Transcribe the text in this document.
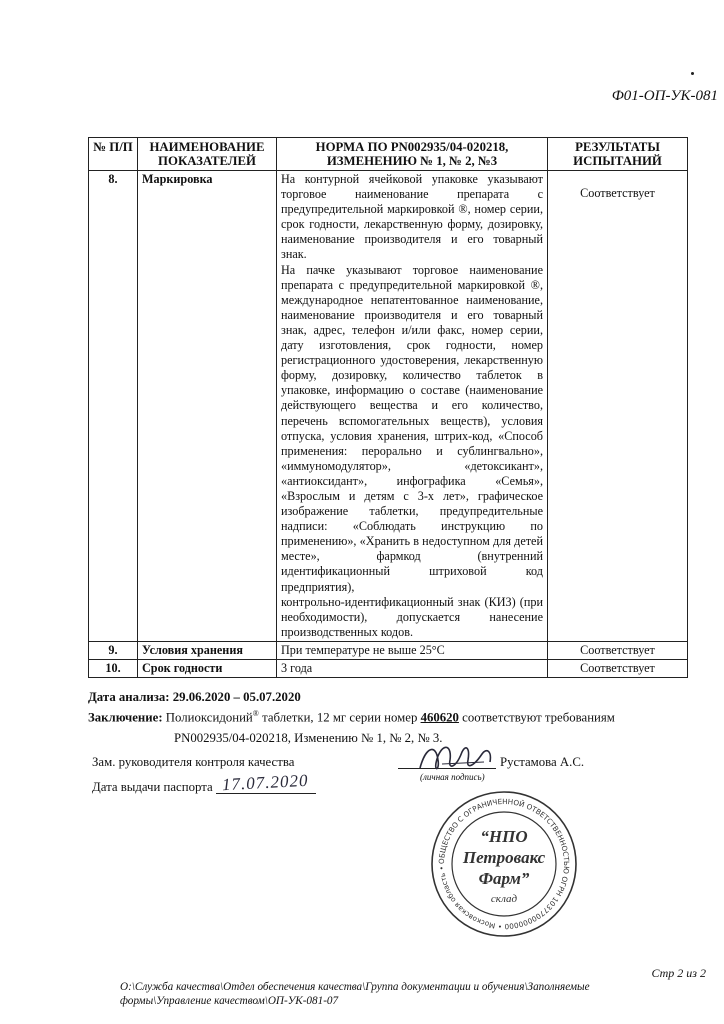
Ф01-ОП-УК-081
№ П/П	НАИМЕНОВАНИЕ ПОКАЗАТЕЛЕЙ	НОРМА ПО PN002935/04-020218, ИЗМЕНЕНИЮ № 1, № 2, №3	РЕЗУЛЬТАТЫ ИСПЫТАНИЙ
8.	Маркировка	На контурной ячейковой упаковке указывают торговое наименование препарата с предупредительной маркировкой ®, номер серии, срок годности, лекарственную форму, дозировку, наименование производителя и его товарный знак.
На пачке указывают торговое наименование препарата с предупредительной маркировкой ®, международное непатентованное наименование, наименование производителя и его товарный знак, адрес, телефон и/или факс, номер серии, дату изготовления, срок годности, номер регистрационного удостоверения, лекарственную форму, дозировку, количество таблеток в упаковке, информацию о составе (наименование действующего вещества и его количество, перечень вспомогательных веществ), условия отпуска, условия хранения, штрих-код, «Способ применения: перорально и сублингвально», «иммуномодулятор», «детоксикант», «антиоксидант», инфографика «Семья», «Взрослым и детям с 3-х лет», графическое изображение таблетки, предупредительные надписи: «Соблюдать инструкцию по применению», «Хранить в недоступном для детей месте», фармкод (внутренний идентификационный штриховой код предприятия),
контрольно-идентификационный знак (КИЗ) (при необходимости), допускается нанесение производственных кодов.	Соответствует
9.	Условия хранения	При температуре не выше 25°С	Соответствует
10.	Срок годности	3 года	Соответствует
Дата анализа: 29.06.2020 – 05.07.2020
Заключение: Полиоксидоний® таблетки, 12 мг серии номер 460620 соответствуют требованиям
PN002935/04-020218, Изменению № 1, № 2, № 3.
Зам. руководителя контроля качества
(личная подпись)
Рустамова А.С.
Дата выдачи паспорта 17.07.2020
ОБЩЕСТВО С ОГРАНИЧЕННОЙ ОТВЕТСТВЕННОСТЬЮ ОГРН 1037700000000 • Московская область •
“НПО
Петровакс
Фарм”
склад
Стр 2 из 2
О:\Служба качества\Отдел обеспечения качества\Группа документации и обучения\Заполняемые
формы\Управление качеством\ОП-УК-081-07
